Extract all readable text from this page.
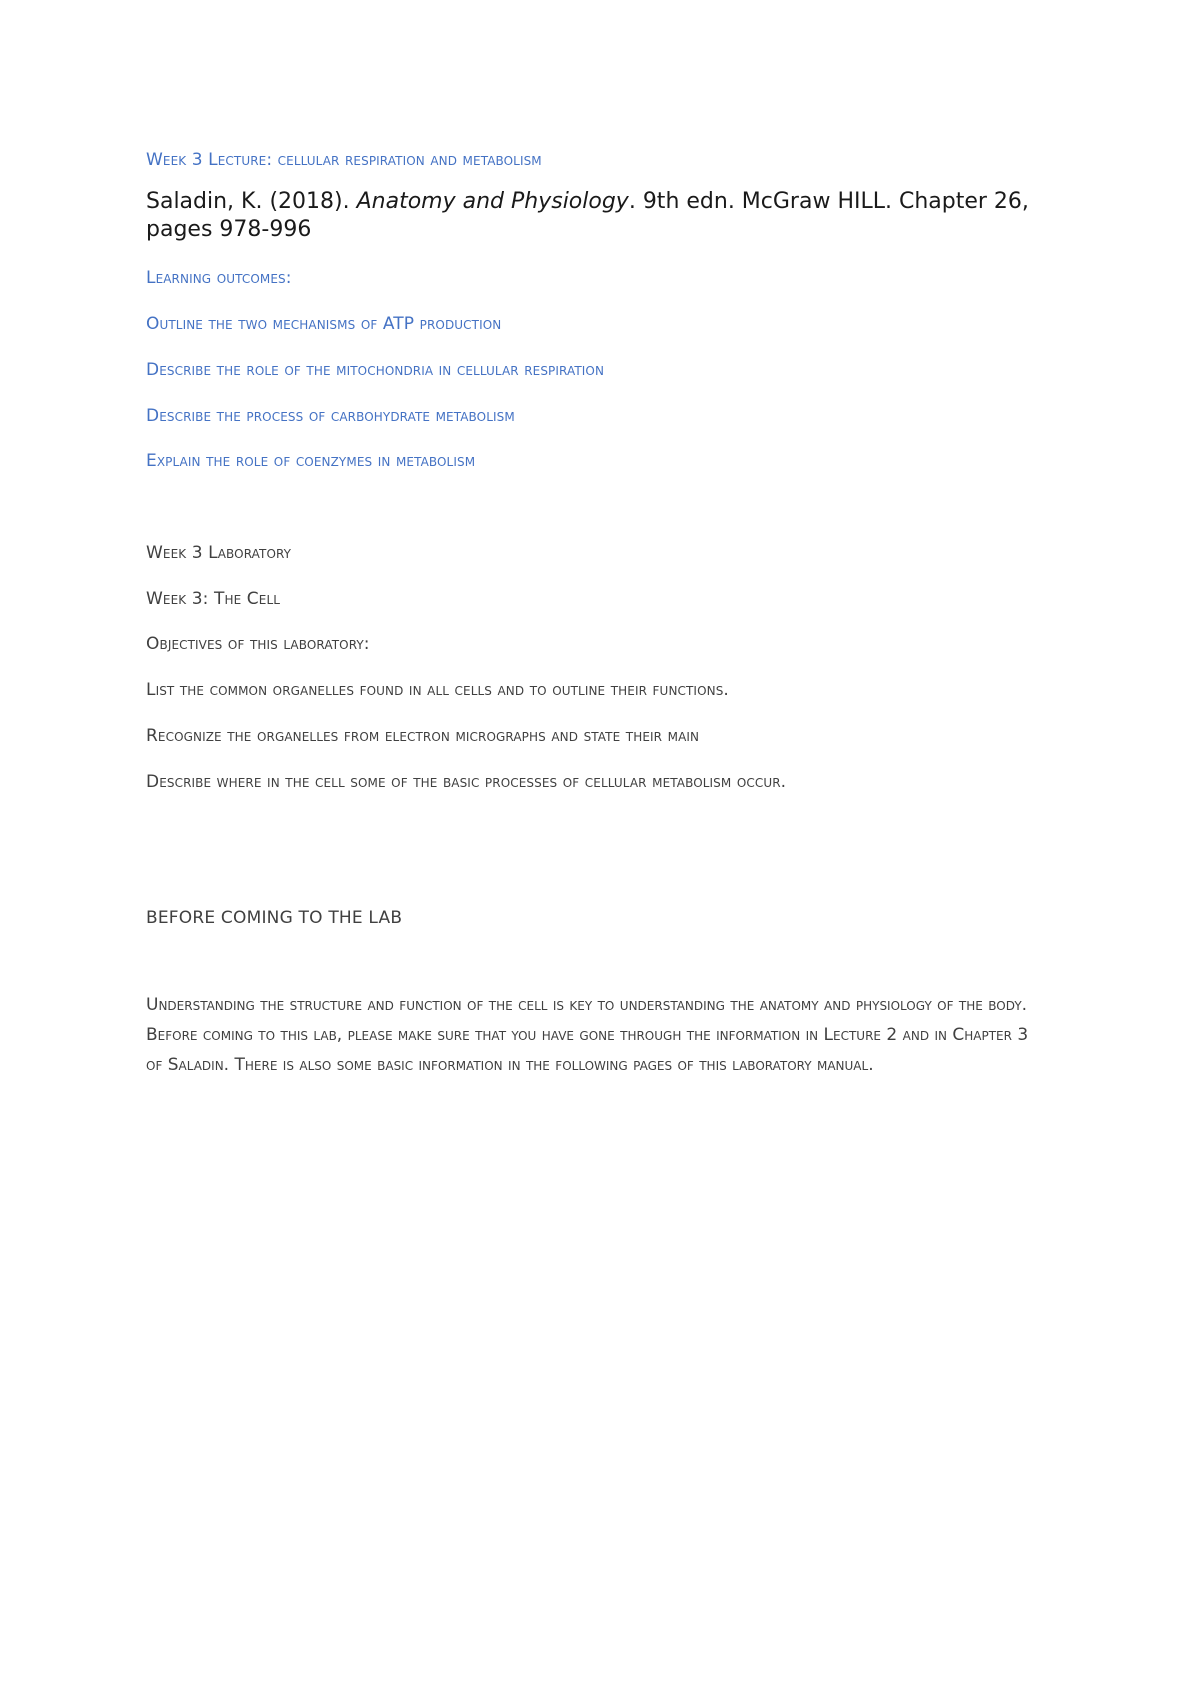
Week 3 Lecture: cellular respiration and metabolism
Saladin, K. (2018). Anatomy and Physiology. 9th edn. McGraw HILL. Chapter 26, pages 978-996
Learning outcomes:
Outline the two mechanisms of ATP production
Describe the role of the mitochondria in cellular respiration
Describe the process of carbohydrate metabolism
Explain the role of coenzymes in metabolism
Week 3 Laboratory
Week 3: The Cell
Objectives of this laboratory:
List the common organelles found in all cells and to outline their functions.
Recognize the organelles from electron micrographs and state their main
Describe where in the cell some of the basic processes of cellular metabolism occur.
BEFORE COMING TO THE LAB
Understanding the structure and function of the cell is key to understanding the anatomy and physiology of the body. Before coming to this lab, please make sure that you have gone through the information in Lecture 2 and in Chapter 3 of Saladin. There is also some basic information in the following pages of this laboratory manual.
